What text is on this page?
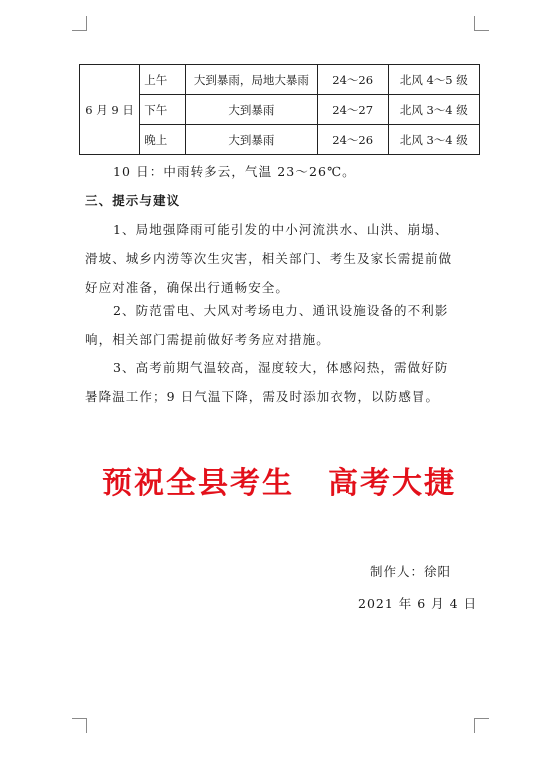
6 月 9 日	上午	大到暴雨，局地大暴雨	24～26	北风 4～5 级
	下午	大到暴雨	24～27	北风 3～4 级
	晚上	大到暴雨	24～26	北风 3～4 级
10 日：中雨转多云，气温 23～26℃。
三、提示与建议
1、局地强降雨可能引发的中小河流洪水、山洪、崩塌、
滑坡、城乡内涝等次生灾害，相关部门、考生及家长需提前做
好应对准备，确保出行通畅安全。
2、防范雷电、大风对考场电力、通讯设施设备的不利影
响，相关部门需提前做好考务应对措施。
3、高考前期气温较高，湿度较大，体感闷热，需做好防
暑降温工作；9 日气温下降，需及时添加衣物，以防感冒。
预祝全县考生 高考大捷
制作人：徐阳
2021 年 6 月 4 日
